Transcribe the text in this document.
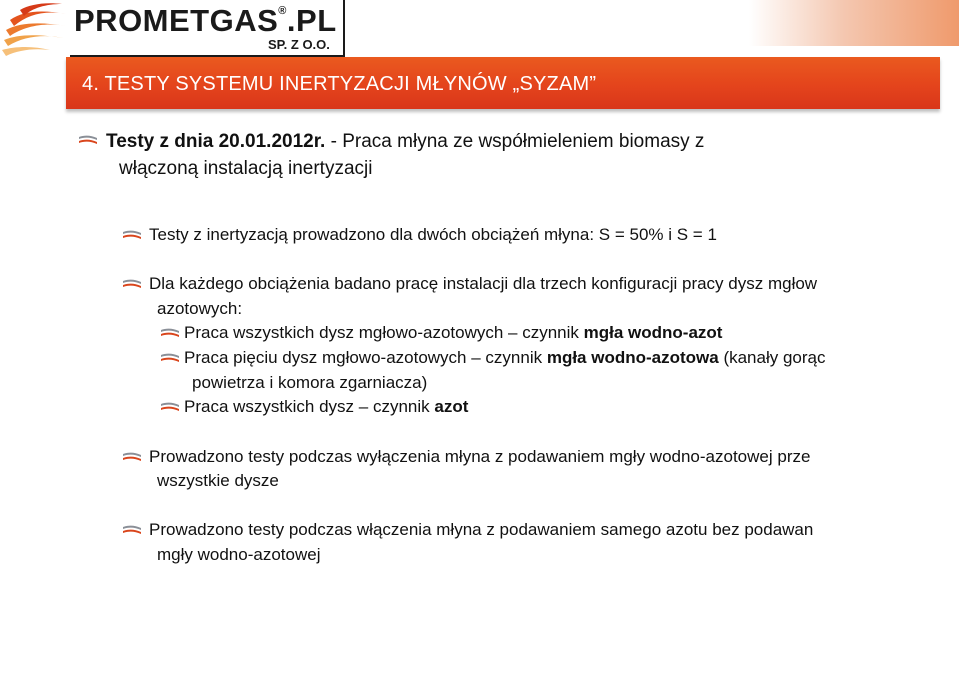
PROMETGAS®.PL
SP. Z O.O.
4. TESTY SYSTEMU INERTYZACJI MŁYNÓW „SYZAM”
Testy z dnia 20.01.2012r. - Praca młyna ze współmieleniem biomasy z
włączoną instalacją inertyzacji
Testy z inertyzacją prowadzono dla dwóch obciążeń młyna: S = 50% i S = 1
Dla każdego obciążenia badano pracę instalacji dla trzech konfiguracji pracy dysz mgłow
azotowych:
Praca wszystkich dysz mgłowo-azotowych – czynnik mgła wodno-azot
Praca pięciu dysz mgłowo-azotowych – czynnik mgła wodno-azotowa (kanały gorąc
powietrza i komora zgarniacza)
Praca wszystkich dysz – czynnik azot
Prowadzono testy podczas wyłączenia młyna z podawaniem mgły wodno-azotowej prze
wszystkie dysze
Prowadzono testy podczas włączenia młyna z podawaniem samego azotu bez podawan
mgły wodno-azotowej
